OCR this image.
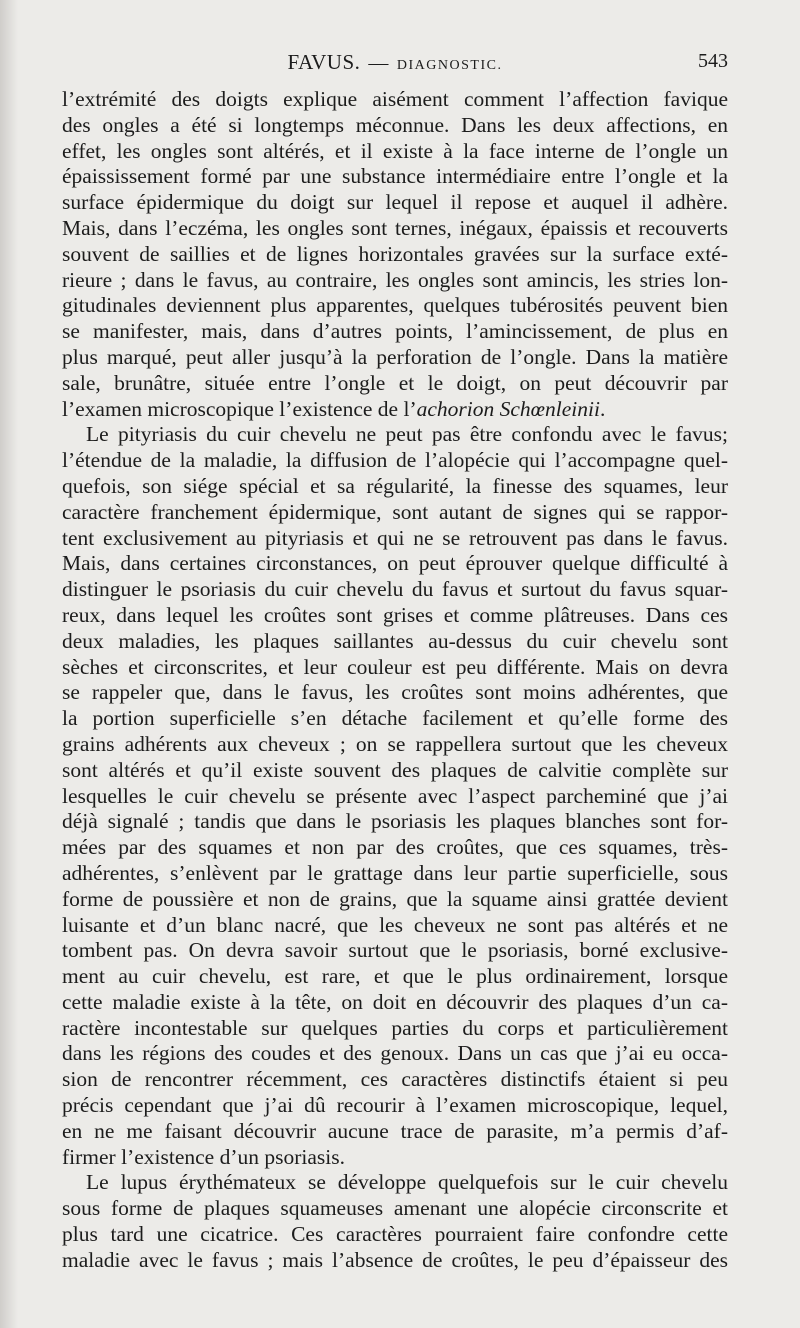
FAVUS. — DIAGNOSTIC.	543
l’extrémité des doigts explique aisément comment l’affection favique
des ongles a été si longtemps méconnue. Dans les deux affections, en
effet, les ongles sont altérés, et il existe à la face interne de l’ongle un
épaississement formé par une substance intermédiaire entre l’ongle et la
surface épidermique du doigt sur lequel il repose et auquel il adhère.
Mais, dans l’eczéma, les ongles sont ternes, inégaux, épaissis et recouverts
souvent de saillies et de lignes horizontales gravées sur la surface exté-
rieure ; dans le favus, au contraire, les ongles sont amincis, les stries lon-
gitudinales deviennent plus apparentes, quelques tubérosités peuvent bien
se manifester, mais, dans d’autres points, l’amincissement, de plus en
plus marqué, peut aller jusqu’à la perforation de l’ongle. Dans la matière
sale, brunâtre, située entre l’ongle et le doigt, on peut découvrir par
l’examen microscopique l’existence de l’achorion Schœnleinii.
Le pityriasis du cuir chevelu ne peut pas être confondu avec le favus;
l’étendue de la maladie, la diffusion de l’alopécie qui l’accompagne quel-
quefois, son siége spécial et sa régularité, la finesse des squames, leur
caractère franchement épidermique, sont autant de signes qui se rappor-
tent exclusivement au pityriasis et qui ne se retrouvent pas dans le favus.
Mais, dans certaines circonstances, on peut éprouver quelque difficulté à
distinguer le psoriasis du cuir chevelu du favus et surtout du favus squar-
reux, dans lequel les croûtes sont grises et comme plâtreuses. Dans ces
deux maladies, les plaques saillantes au-dessus du cuir chevelu sont
sèches et circonscrites, et leur couleur est peu différente. Mais on devra
se rappeler que, dans le favus, les croûtes sont moins adhérentes, que
la portion superficielle s’en détache facilement et qu’elle forme des
grains adhérents aux cheveux ; on se rappellera surtout que les cheveux
sont altérés et qu’il existe souvent des plaques de calvitie complète sur
lesquelles le cuir chevelu se présente avec l’aspect parcheminé que j’ai
déjà signalé ; tandis que dans le psoriasis les plaques blanches sont for-
mées par des squames et non par des croûtes, que ces squames, très-
adhérentes, s’enlèvent par le grattage dans leur partie superficielle, sous
forme de poussière et non de grains, que la squame ainsi grattée devient
luisante et d’un blanc nacré, que les cheveux ne sont pas altérés et ne
tombent pas. On devra savoir surtout que le psoriasis, borné exclusive-
ment au cuir chevelu, est rare, et que le plus ordinairement, lorsque
cette maladie existe à la tête, on doit en découvrir des plaques d’un ca-
ractère incontestable sur quelques parties du corps et particulièrement
dans les régions des coudes et des genoux. Dans un cas que j’ai eu occa-
sion de rencontrer récemment, ces caractères distinctifs étaient si peu
précis cependant que j’ai dû recourir à l’examen microscopique, lequel,
en ne me faisant découvrir aucune trace de parasite, m’a permis d’af-
firmer l’existence d’un psoriasis.
Le lupus érythémateux se développe quelquefois sur le cuir chevelu
sous forme de plaques squameuses amenant une alopécie circonscrite et
plus tard une cicatrice. Ces caractères pourraient faire confondre cette
maladie avec le favus ; mais l’absence de croûtes, le peu d’épaisseur des
